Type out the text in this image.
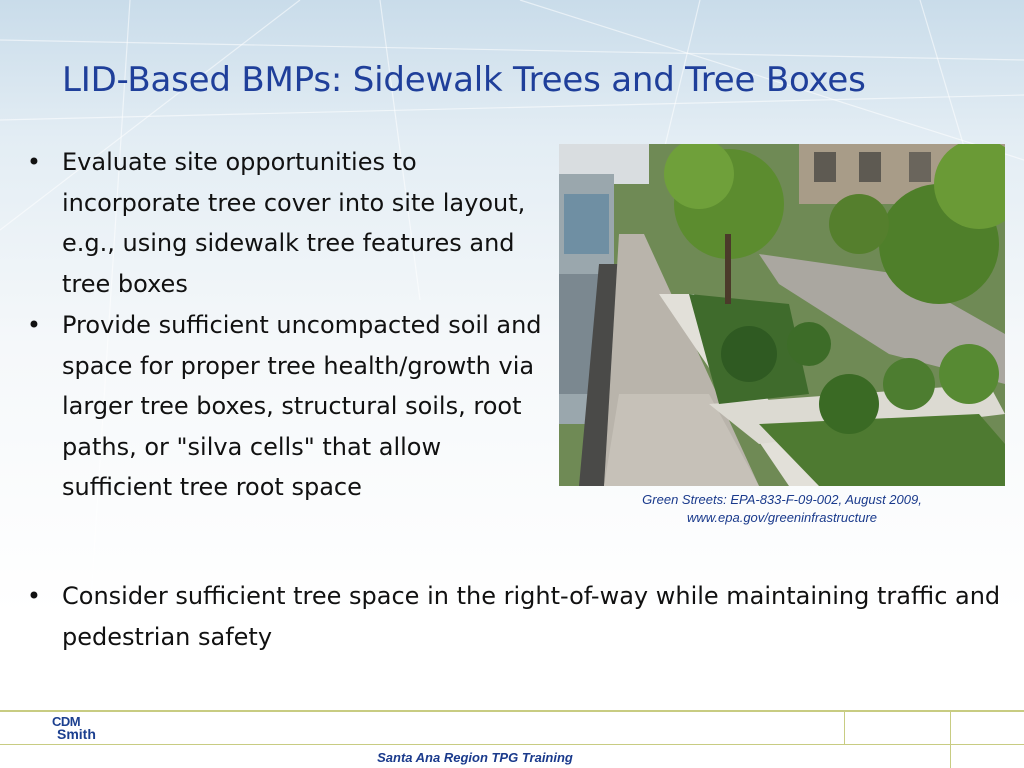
LID-Based BMPs: Sidewalk Trees and Tree Boxes
• Evaluate site opportunities to incorporate tree cover into site layout, e.g., using sidewalk tree features and tree boxes
• Provide sufficient uncompacted soil and space for proper tree health/growth via larger tree boxes, structural soils, root paths, or "silva cells" that allow sufficient tree root space	Green Streets: EPA-833-F-09-002, August 2009,
www.epa.gov/greeninfrastructure
• Consider sufficient tree space in the right-of-way while maintaining traffic and pedestrian safety
CDM
Smith
Santa Ana Region TPG Training
